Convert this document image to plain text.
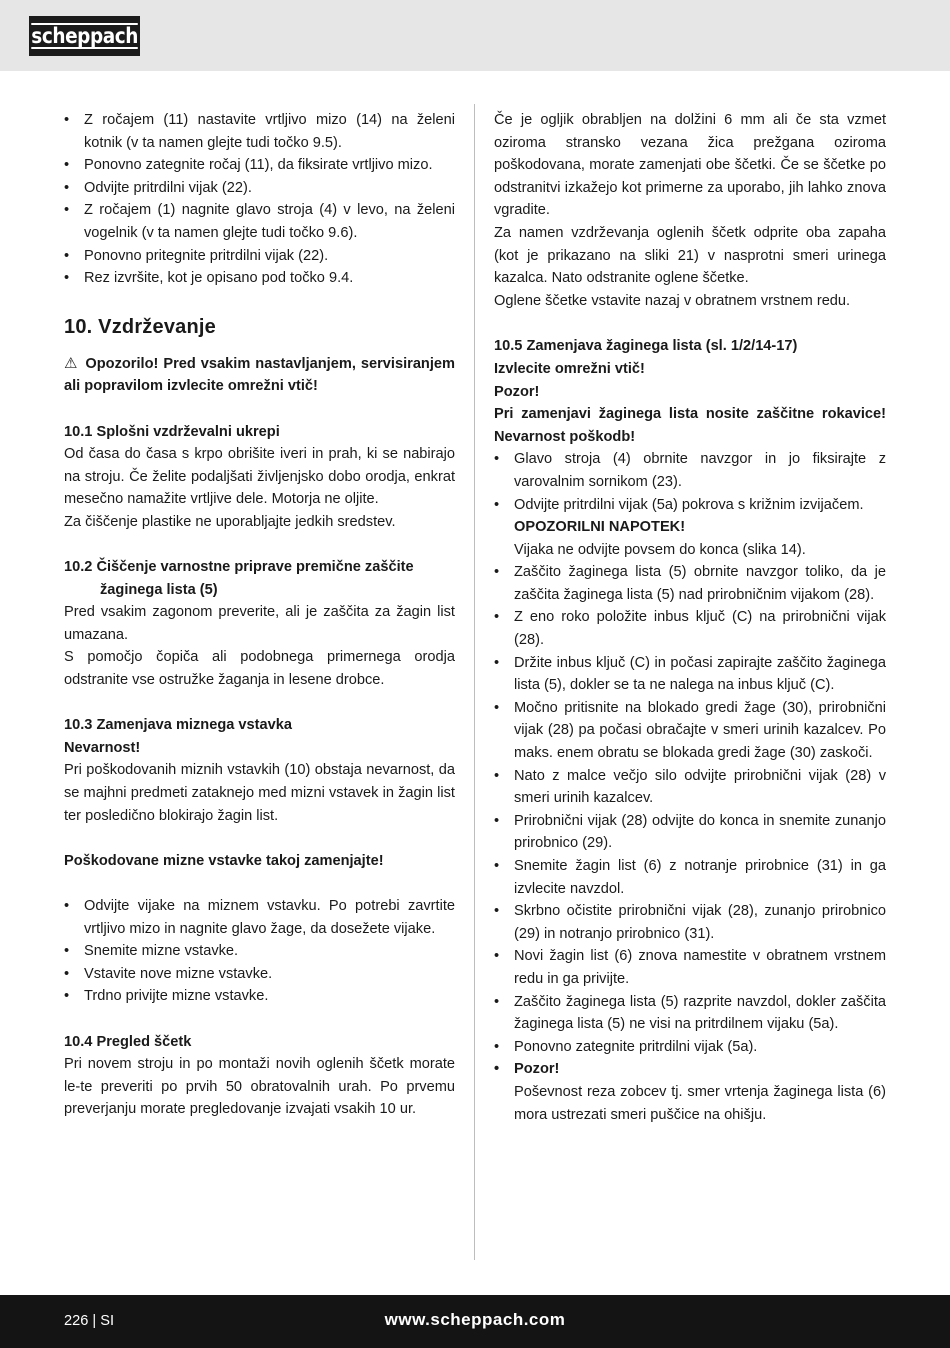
scheppach
• Z ročajem (11) nastavite vrtljivo mizo (14) na želeni kotnik (v ta namen glejte tudi točko 9.5).
• Ponovno zategnite ročaj (11), da fiksirate vrtljivo mizo.
• Odvijte pritrdilni vijak (22).
• Z ročajem (1) nagnite glavo stroja (4) v levo, na želeni vogelnik (v ta namen glejte tudi točko 9.6).
• Ponovno pritegnite pritrdilni vijak (22).
• Rez izvršite, kot je opisano pod točko 9.4.
10. Vzdrževanje
⚠ Opozorilo! Pred vsakim nastavljanjem, servisiranjem ali popravilom izvlecite omrežni vtič!
10.1 Splošni vzdrževalni ukrepi

Od časa do časa s krpo obrišite iveri in prah, ki se nabirajo na stroju. Če želite podaljšati življenjsko dobo orodja, enkrat mesečno namažite vrtljive dele. Motorja ne oljite.

Za čiščenje plastike ne uporabljajte jedkih sredstev.

10.2 Čiščenje varnostne priprave premične zaščite
žaginega lista (5)

Pred vsakim zagonom preverite, ali je zaščita za žagin list umazana.

S pomočjo čopiča ali podobnega primernega orodja odstranite vse ostružke žaganja in lesene drobce.

10.3 Zamenjava miznega vstavka
Nevarnost!

Pri poškodovanih miznih vstavkih (10) obstaja nevarnost, da se majhni predmeti zataknejo med mizni vstavek in žagin list ter posledično blokirajo žagin list.

Poškodovane mizne vstavke takoj zamenjajte!
• Odvijte vijake na miznem vstavku. Po potrebi zavrtite vrtljivo mizo in nagnite glavo žage, da dosežete vijake.
• Snemite mizne vstavke.
• Vstavite nove mizne vstavke.
• Trdno privijte mizne vstavke.
10.4 Pregled ščetk

Pri novem stroju in po montaži novih oglenih ščetk morate le-te preveriti po prvih 50 obratovalnih urah. Po prvemu preverjanju morate pregledovanje izvajati vsakih 10 ur.

Če je ogljik obrabljen na dolžini 6 mm ali če sta vzmet oziroma stransko vezana žica prežgana oziroma poškodovana, morate zamenjati obe ščetki. Če se ščetke po odstranitvi izkažejo kot primerne za uporabo, jih lahko znova vgradite.

Za namen vzdrževanja oglenih ščetk odprite oba zapaha (kot je prikazano na sliki 21) v nasprotni smeri urinega kazalca. Nato odstranite oglene ščetke.

Oglene ščetke vstavite nazaj v obratnem vrstnem redu.

10.5 Zamenjava žaginega lista (sl. 1/2/14-17)
Izvlecite omrežni vtič!
Pozor!

Pri zamenjavi žaginega lista nosite zaščitne rokavice! Nevarnost poškodb!

• Glavo stroja (4) obrnite navzgor in jo fiksirajte z varovalnim sornikom (23).
• Odvijte pritrdilni vijak (5a) pokrova s križnim izvijačem.
OPOZORILNI NAPOTEK!
Vijaka ne odvijte povsem do konca (slika 14).
• Zaščito žaginega lista (5) obrnite navzgor toliko, da je zaščita žaginega lista (5) nad prirobničnim vijakom (28).
• Z eno roko položite inbus ključ (C) na prirobnični vijak (28).
• Držite inbus ključ (C) in počasi zapirajte zaščito žaginega lista (5), dokler se ta ne nalega na inbus ključ (C).
• Močno pritisnite na blokado gredi žage (30), prirobnični vijak (28) pa počasi obračajte v smeri urinih kazalcev. Po maks. enem obratu se blokada gredi žage (30) zaskoči.
• Nato z malce večjo silo odvijte prirobnični vijak (28) v smeri urinih kazalcev.
• Prirobnični vijak (28) odvijte do konca in snemite zunanjo prirobnico (29).
• Snemite žagin list (6) z notranje prirobnice (31) in ga izvlecite navzdol.
• Skrbno očistite prirobnični vijak (28), zunanjo prirobnico (29) in notranjo prirobnico (31).
• Novi žagin list (6) znova namestite v obratnem vrstnem redu in ga privijte.
• Zaščito žaginega lista (5) razprite navzdol, dokler zaščita žaginega lista (5) ne visi na pritrdilnem vijaku (5a).
• Ponovno zategnite pritrdilni vijak (5a).
• Pozor!
Poševnost reza zobcev tj. smer vrtenja žaginega lista (6) mora ustrezati smeri puščice na ohišju.
226 | SI	www.scheppach.com
